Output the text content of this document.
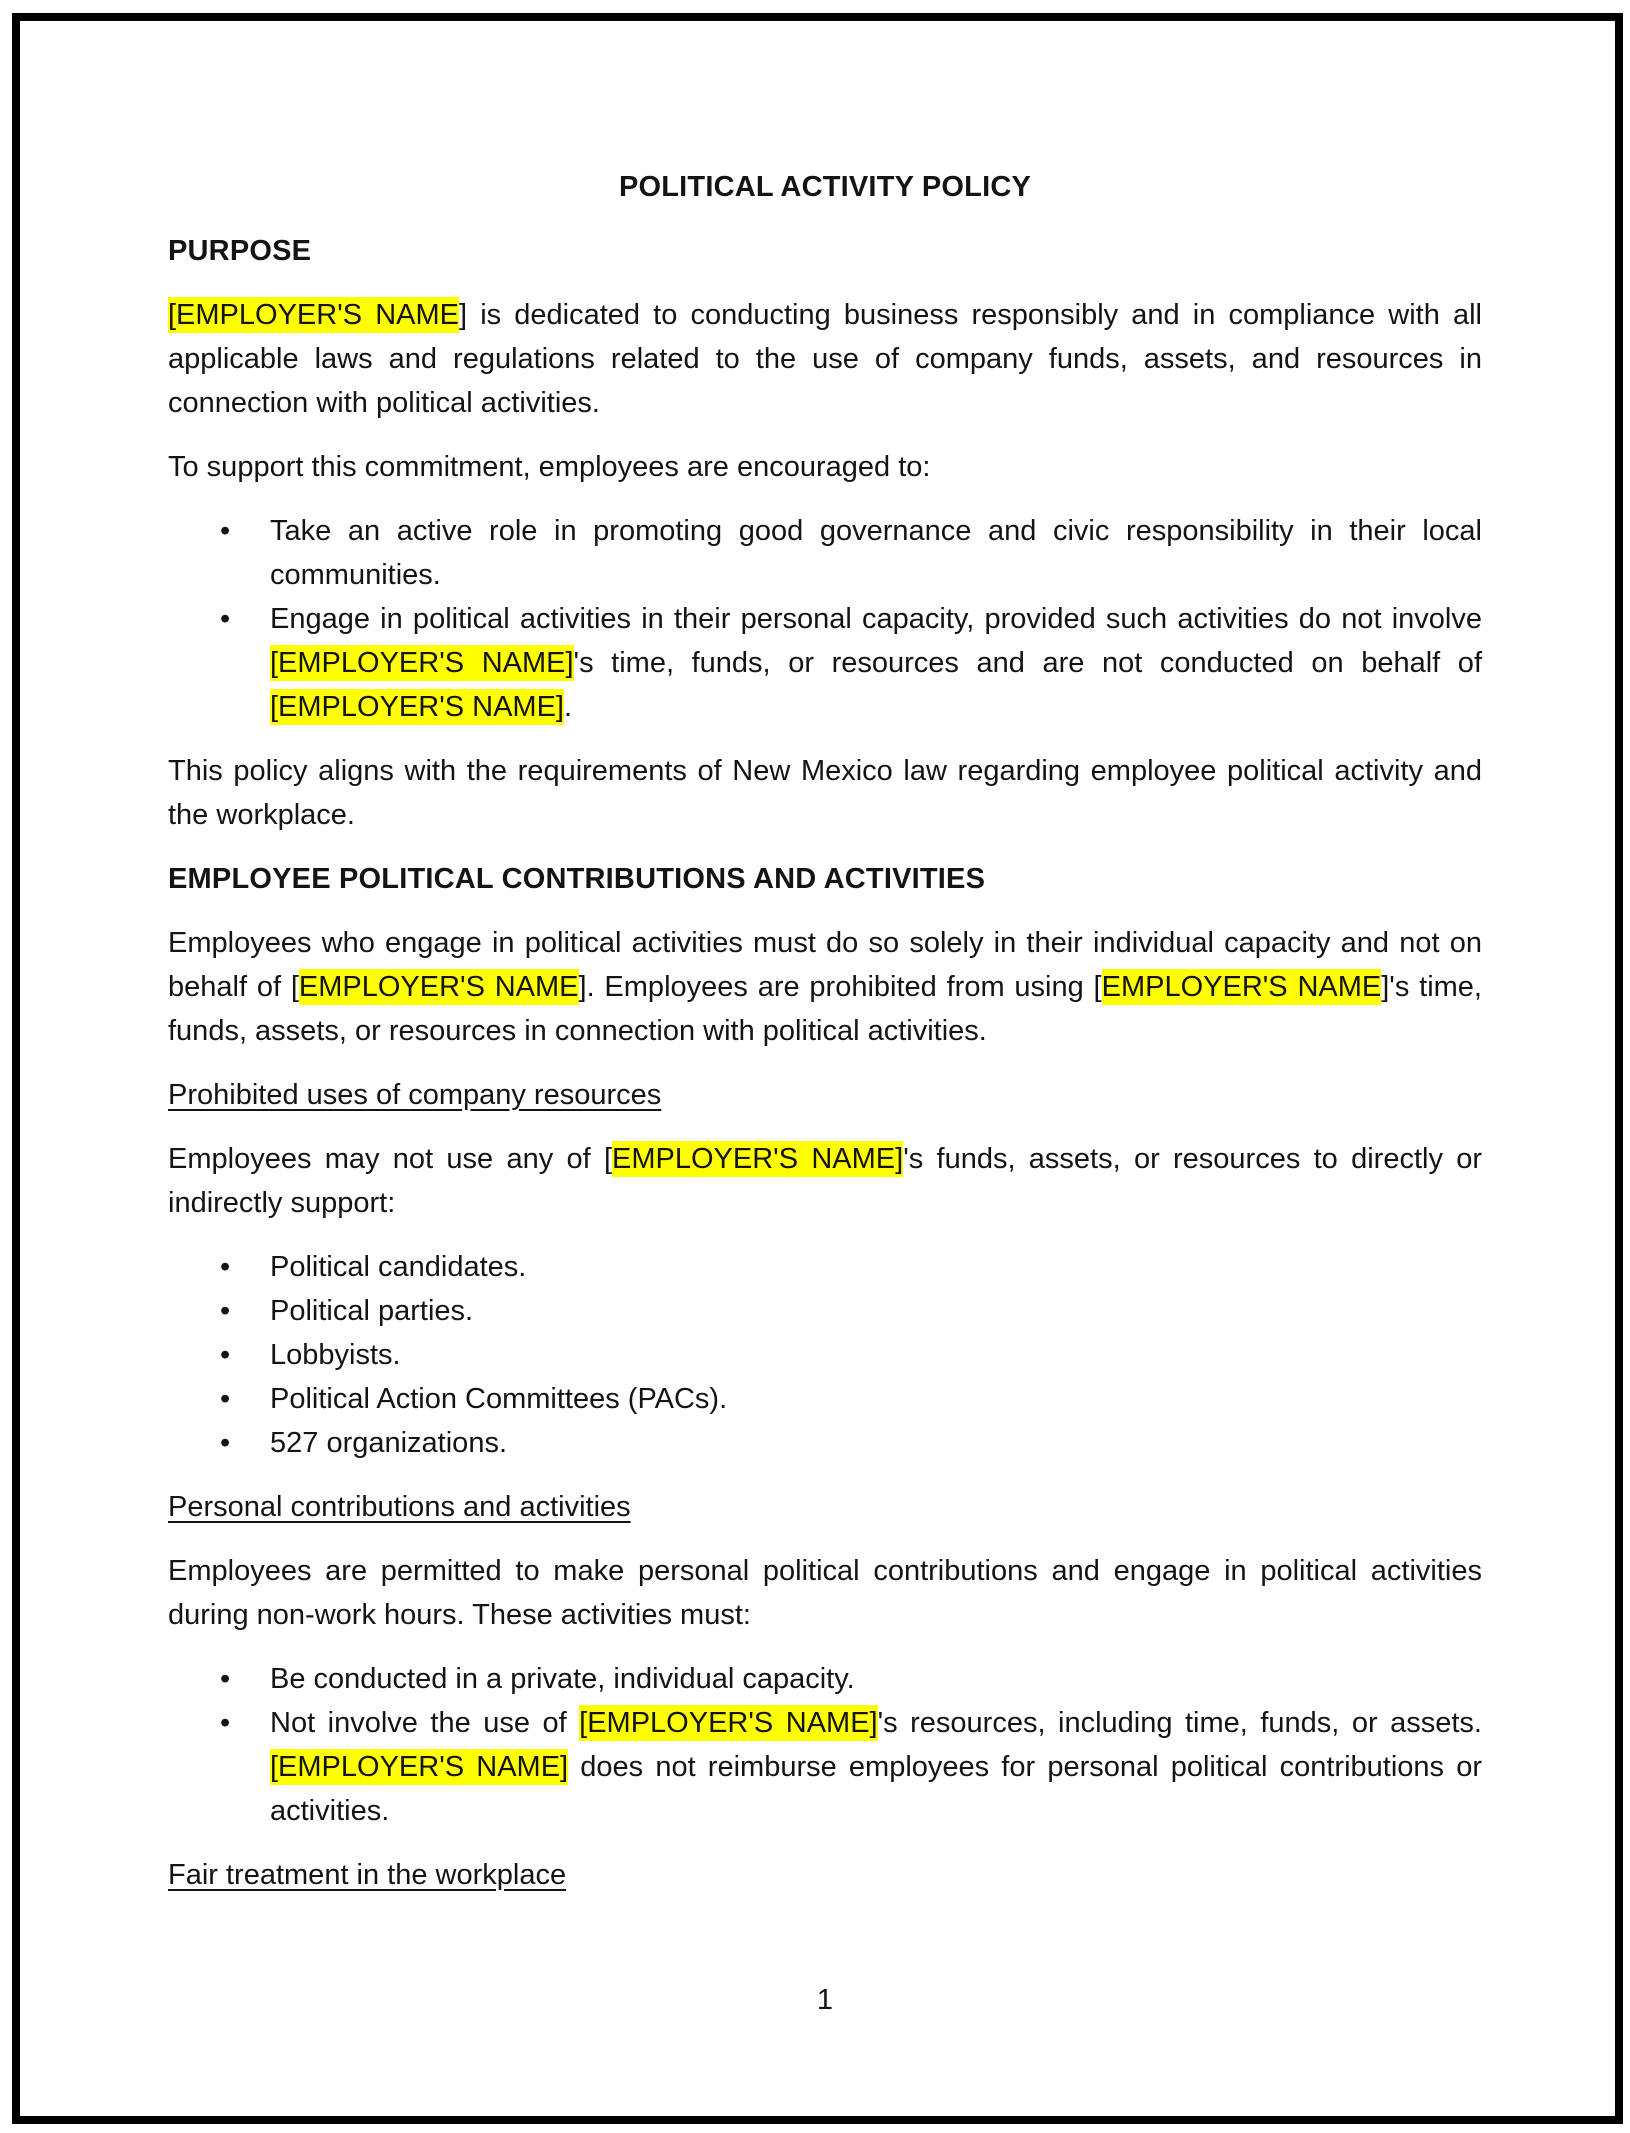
POLITICAL ACTIVITY POLICY
PURPOSE

[EMPLOYER'S NAME] is dedicated to conducting business responsibly and in compliance with all applicable laws and regulations related to the use of company funds, assets, and resources in connection with political activities.

To support this commitment, employees are encouraged to:

• Take an active role in promoting good governance and civic responsibility in their local communities.
• Engage in political activities in their personal capacity, provided such activities do not involve [EMPLOYER'S NAME]'s time, funds, or resources and are not conducted on behalf of [EMPLOYER'S NAME].

This policy aligns with the requirements of New Mexico law regarding employee political activity and the workplace.

EMPLOYEE POLITICAL CONTRIBUTIONS AND ACTIVITIES

Employees who engage in political activities must do so solely in their individual capacity and not on behalf of [EMPLOYER'S NAME]. Employees are prohibited from using [EMPLOYER'S NAME]'s time, funds, assets, or resources in connection with political activities.

Prohibited uses of company resources

Employees may not use any of [EMPLOYER'S NAME]'s funds, assets, or resources to directly or indirectly support:

• Political candidates.
• Political parties.
• Lobbyists.
• Political Action Committees (PACs).
• 527 organizations.
Personal contributions and activities

Employees are permitted to make personal political contributions and engage in political activities during non-work hours. These activities must:

• Be conducted in a private, individual capacity.
• Not involve the use of [EMPLOYER'S NAME]'s resources, including time, funds, or assets. [EMPLOYER'S NAME] does not reimburse employees for personal political contributions or activities.
Fair treatment in the workplace
1
